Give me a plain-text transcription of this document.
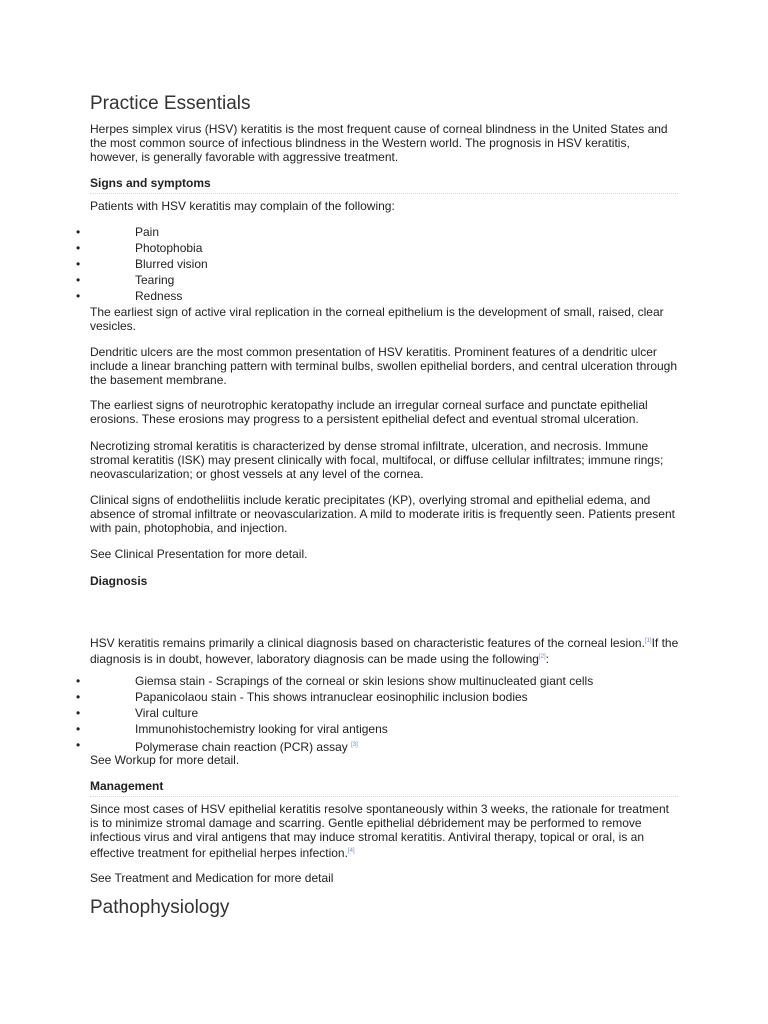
Practice Essentials

Herpes simplex virus (HSV) keratitis is the most frequent cause of corneal blindness in the United States and the most common source of infectious blindness in the Western world. The prognosis in HSV keratitis, however, is generally favorable with aggressive treatment.

Signs and symptoms

Patients with HSV keratitis may complain of the following:

•	Pain
•	Photophobia
•	Blurred vision
•	Tearing
•	Redness

The earliest sign of active viral replication in the corneal epithelium is the development of small, raised, clear vesicles.

Dendritic ulcers are the most common presentation of HSV keratitis. Prominent features of a dendritic ulcer include a linear branching pattern with terminal bulbs, swollen epithelial borders, and central ulceration through the basement membrane.

The earliest signs of neurotrophic keratopathy include an irregular corneal surface and punctate epithelial erosions. These erosions may progress to a persistent epithelial defect and eventual stromal ulceration.

Necrotizing stromal keratitis is characterized by dense stromal infiltrate, ulceration, and necrosis. Immune stromal keratitis (ISK) may present clinically with focal, multifocal, or diffuse cellular infiltrates; immune rings; neovascularization; or ghost vessels at any level of the cornea.

Clinical signs of endotheliitis include keratic precipitates (KP), overlying stromal and epithelial edema, and absence of stromal infiltrate or neovascularization. A mild to moderate iritis is frequently seen. Patients present with pain, photophobia, and injection.

See Clinical Presentation for more detail.

Diagnosis

HSV keratitis remains primarily a clinical diagnosis based on characteristic features of the corneal lesion.[1]If the diagnosis is in doubt, however, laboratory diagnosis can be made using the following[2]:

•	Giemsa stain - Scrapings of the corneal or skin lesions show multinucleated giant cells
•	Papanicolaou stain - This shows intranuclear eosinophilic inclusion bodies
•	Viral culture
•	Immunohistochemistry looking for viral antigens
•	Polymerase chain reaction (PCR) assay [3]

See Workup for more detail.

Management

Since most cases of HSV epithelial keratitis resolve spontaneously within 3 weeks, the rationale for treatment is to minimize stromal damage and scarring. Gentle epithelial débridement may be performed to remove infectious virus and viral antigens that may induce stromal keratitis. Antiviral therapy, topical or oral, is an effective treatment for epithelial herpes infection.[4]

See Treatment and Medication for more detail

Pathophysiology
